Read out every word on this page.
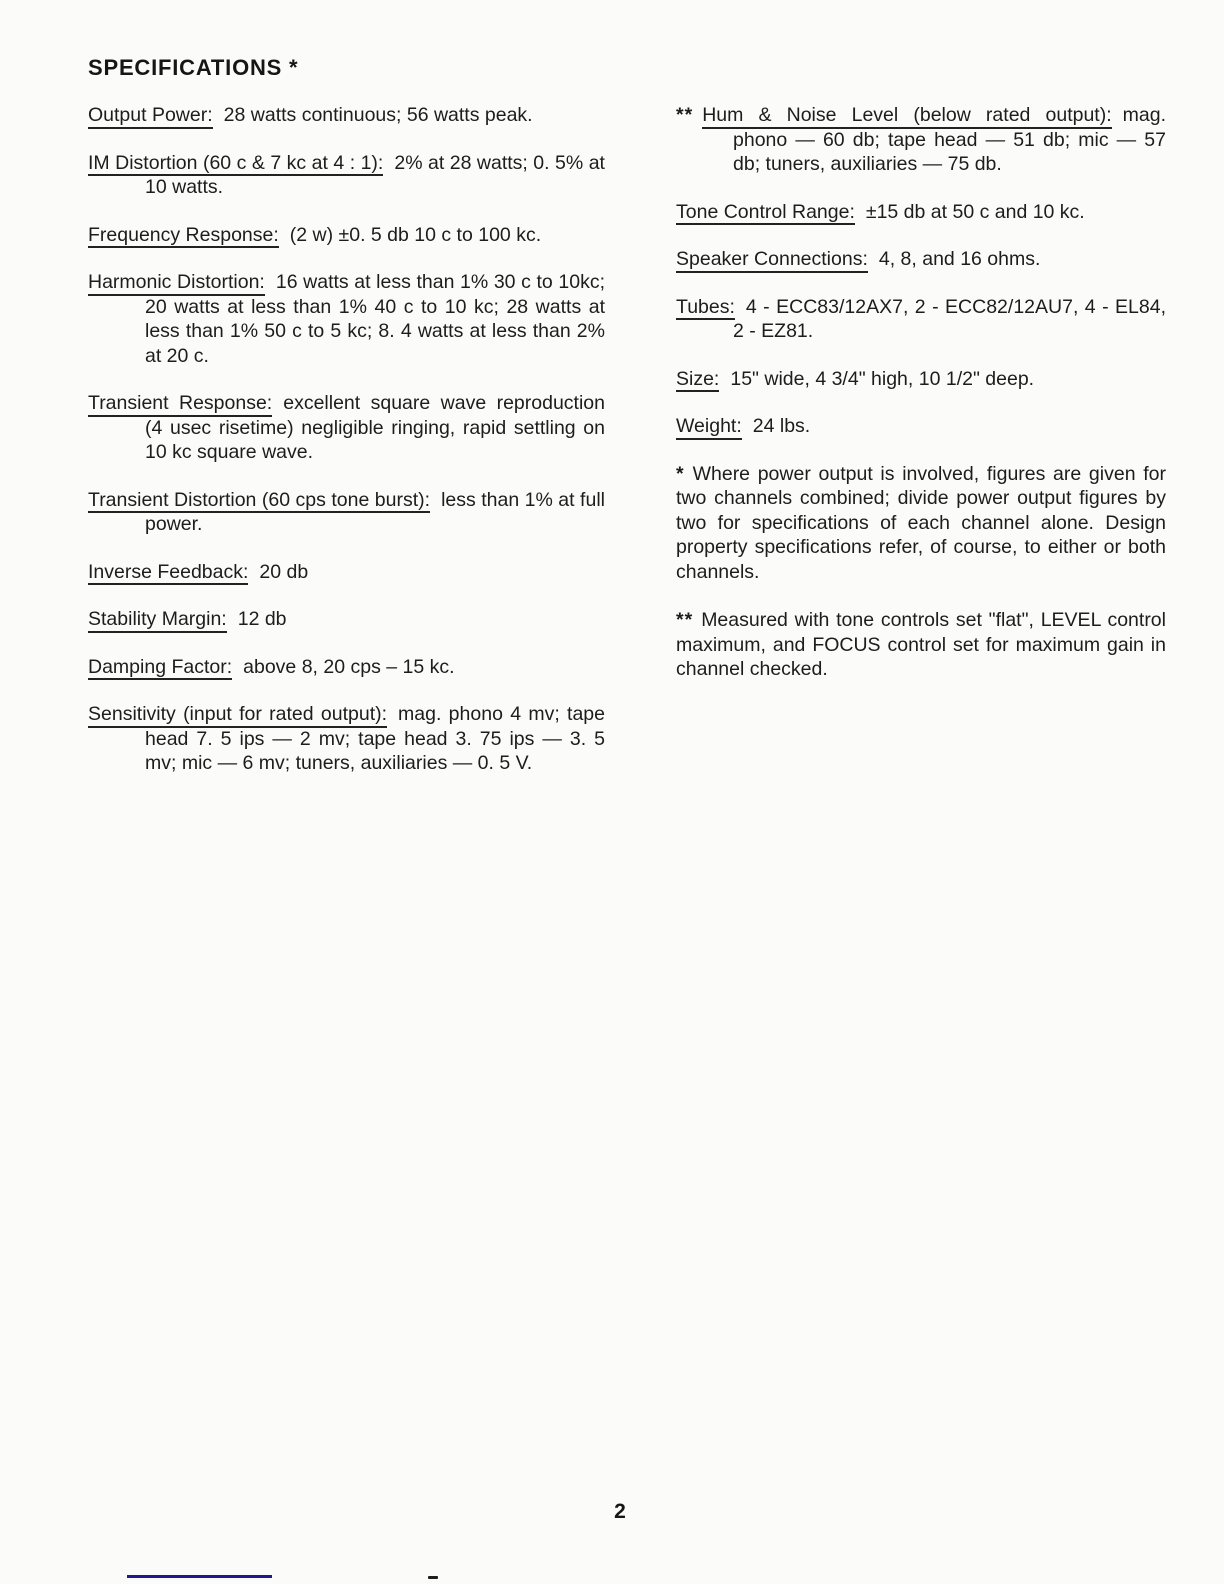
SPECIFICATIONS *

Output Power: 28 watts continuous; 56 watts peak.

IM Distortion (60 c & 7 kc at 4 : 1): 2% at 28 watts; 0. 5% at 10 watts.

Frequency Response: (2 w) ±0. 5 db 10 c to 100 kc.

Harmonic Distortion: 16 watts at less than 1% 30 c to 10kc; 20 watts at less than 1% 40 c to 10 kc; 28 watts at less than 1% 50 c to 5 kc; 8. 4 watts at less than 2% at 20 c.

Transient Response: excellent square wave reproduction (4 usec risetime) negligible ringing, rapid settling on 10 kc square wave.

Transient Distortion (60 cps tone burst): less than 1% at full power.

Inverse Feedback: 20 db

Stability Margin: 12 db

Damping Factor: above 8, 20 cps – 15 kc.

Sensitivity (input for rated output): mag. phono 4 mv; tape head 7. 5 ips — 2 mv; tape head 3. 75 ips — 3. 5 mv; mic — 6 mv; tuners, auxiliaries — 0. 5 V.

** Hum & Noise Level (below rated output): mag. phono — 60 db; tape head — 51 db; mic — 57 db; tuners, auxiliaries — 75 db.

Tone Control Range: ±15 db at 50 c and 10 kc.

Speaker Connections: 4, 8, and 16 ohms.

Tubes: 4 - ECC83/12AX7, 2 - ECC82/12AU7, 4 - EL84, 2 - EZ81.

Size: 15" wide, 4 3/4" high, 10 1/2" deep.

Weight: 24 lbs.

* Where power output is involved, figures are given for two channels combined; divide power output figures by two for specifications of each channel alone. Design property specifications refer, of course, to either or both channels.

** Measured with tone controls set "flat", LEVEL control maximum, and FOCUS control set for maximum gain in channel checked.

2
